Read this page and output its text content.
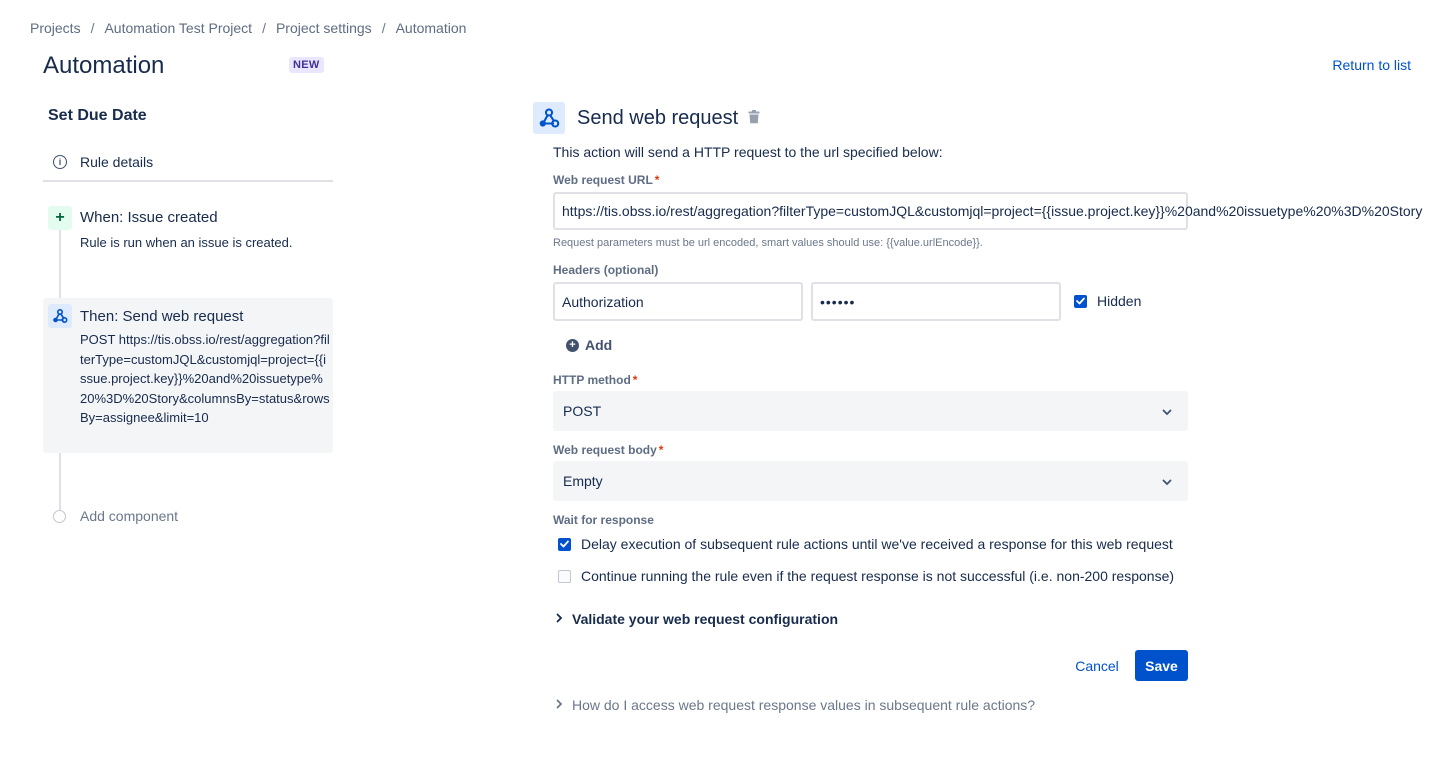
Projects / Automation Test Project / Project settings / Automation
Automation	NEW	Return to list
Set Due Date
i	Rule details
+	When: Issue created
Rule is run when an issue is created.
Then: Send web request
POST https://tis.obss.io/rest/aggregation?filterType=customJQL&customjql=project={{issue.project.key}}%20and%20issuetype%20%3D%20Story&columnsBy=status&rowsBy=assignee&limit=10
Add component
Send web request
This action will send a HTTP request to the url specified below:
Web request URL *
https://tis.obss.io/rest/aggregation?filterType=customJQL&customjql=project={{issue.project.key}}%20and%20issuetype%20%3D%20Story
Request parameters must be url encoded, smart values should use: {{value.urlEncode}}.
Headers (optional)
Authorization	••••••	Hidden
+ Add
HTTP method *
POST
Web request body *
Empty
Wait for response
Delay execution of subsequent rule actions until we've received a response for this web request
Continue running the rule even if the request response is not successful (i.e. non-200 response)
Validate your web request configuration
Cancel	Save
How do I access web request response values in subsequent rule actions?
